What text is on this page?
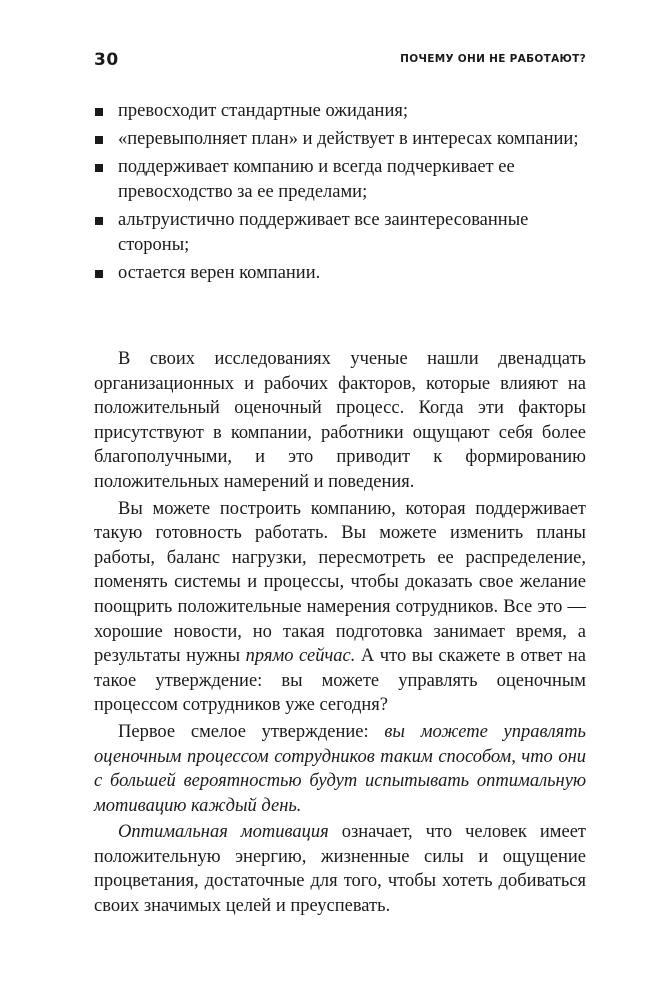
30	ПОЧЕМУ ОНИ НЕ РАБОТАЮТ?
превосходит стандартные ожидания;
«перевыполняет план» и действует в интересах компании;
поддерживает компанию и всегда подчеркивает ее превосходство за ее пределами;
альтруистично поддерживает все заинтересованные стороны;
остается верен компании.

В своих исследованиях ученые нашли двенадцать организационных и рабочих факторов, которые влияют на положительный оценочный процесс. Когда эти факторы присутствуют в компании, работники ощущают себя более благополучными, и это приводит к формированию положительных намерений и поведения.

Вы можете построить компанию, которая поддерживает такую готовность работать. Вы можете изменить планы работы, баланс нагрузки, пересмотреть ее распределение, поменять системы и процессы, чтобы доказать свое желание поощрить положительные намерения сотрудников. Все это — хорошие новости, но такая подготовка занимает время, а результаты нужны прямо сейчас. А что вы скажете в ответ на такое утверждение: вы можете управлять оценочным процессом сотрудников уже сегодня?

Первое смелое утверждение: вы можете управлять оценочным процессом сотрудников таким способом, что они с большей вероятностью будут испытывать оптимальную мотивацию каждый день.

Оптимальная мотивация означает, что человек имеет положительную энергию, жизненные силы и ощущение процветания, достаточные для того, чтобы хотеть добиваться своих значимых целей и преуспевать.
